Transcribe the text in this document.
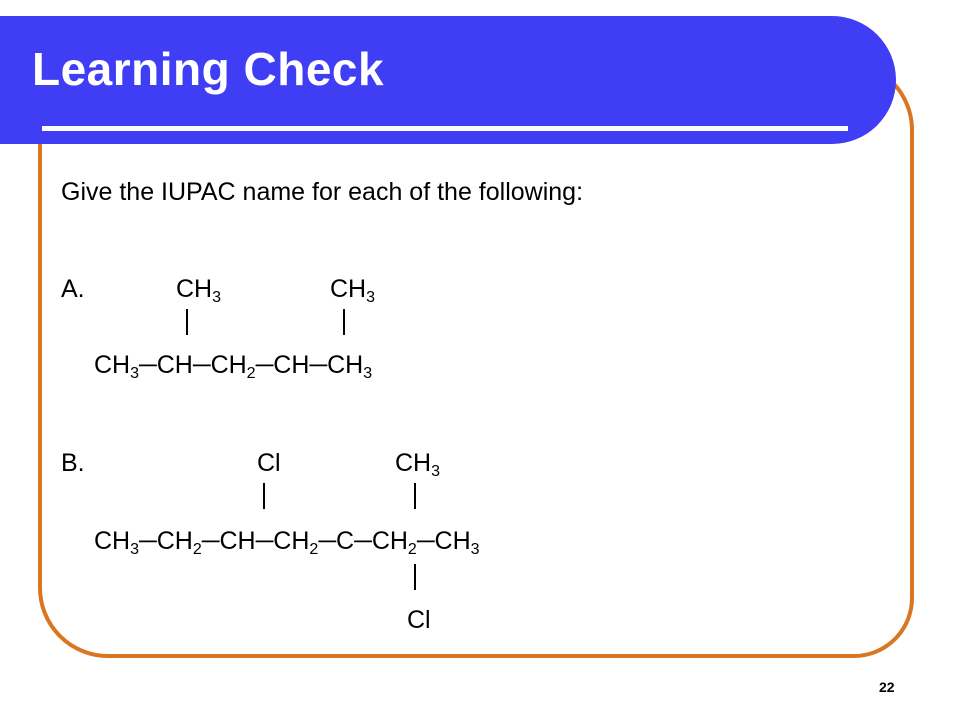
Learning Check
Give the IUPAC name for each of the following:
A.	$CH_3$	$CH_3$
$CH_3─CH─CH_2─CH─CH_3$
B.	Cl	$CH_3$
$CH_3─CH_2─CH─CH_2─C─CH_2─CH_3$
Cl
22
